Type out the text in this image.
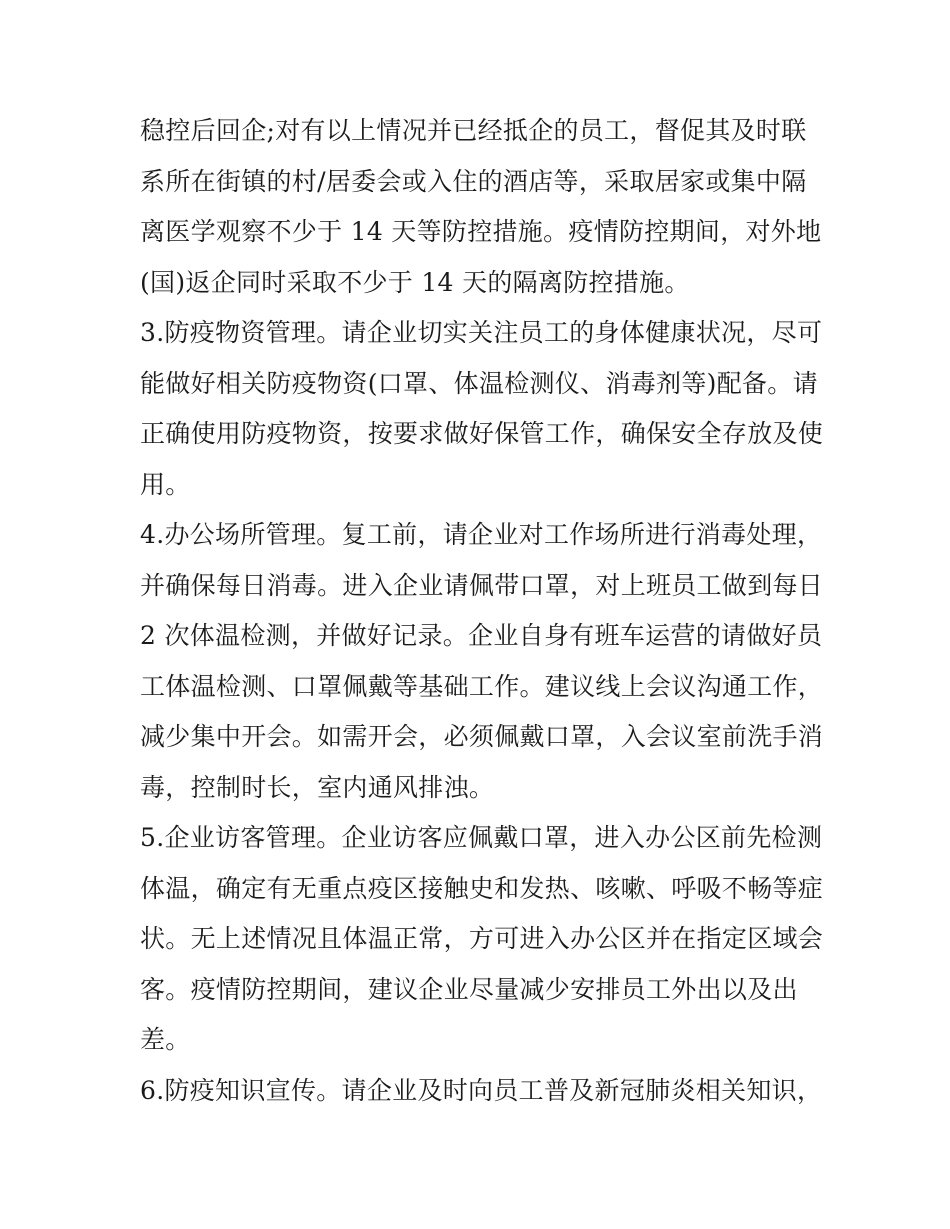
稳控后回企;对有以上情况并已经抵企的员工，督促其及时联
系所在街镇的村/居委会或入住的酒店等，采取居家或集中隔
离医学观察不少于 14 天等防控措施。疫情防控期间，对外地
(国)返企同时采取不少于 14 天的隔离防控措施。
3.防疫物资管理。请企业切实关注员工的身体健康状况，尽可
能做好相关防疫物资(口罩、体温检测仪、消毒剂等)配备。请
正确使用防疫物资，按要求做好保管工作，确保安全存放及使
用。
4.办公场所管理。复工前，请企业对工作场所进行消毒处理，
并确保每日消毒。进入企业请佩带口罩，对上班员工做到每日
2 次体温检测，并做好记录。企业自身有班车运营的请做好员
工体温检测、口罩佩戴等基础工作。建议线上会议沟通工作，
减少集中开会。如需开会，必须佩戴口罩，入会议室前洗手消
毒，控制时长，室内通风排浊。
5.企业访客管理。企业访客应佩戴口罩，进入办公区前先检测
体温，确定有无重点疫区接触史和发热、咳嗽、呼吸不畅等症
状。无上述情况且体温正常，方可进入办公区并在指定区域会
客。疫情防控期间，建议企业尽量减少安排员工外出以及出
差。
6.防疫知识宣传。请企业及时向员工普及新冠肺炎相关知识，
